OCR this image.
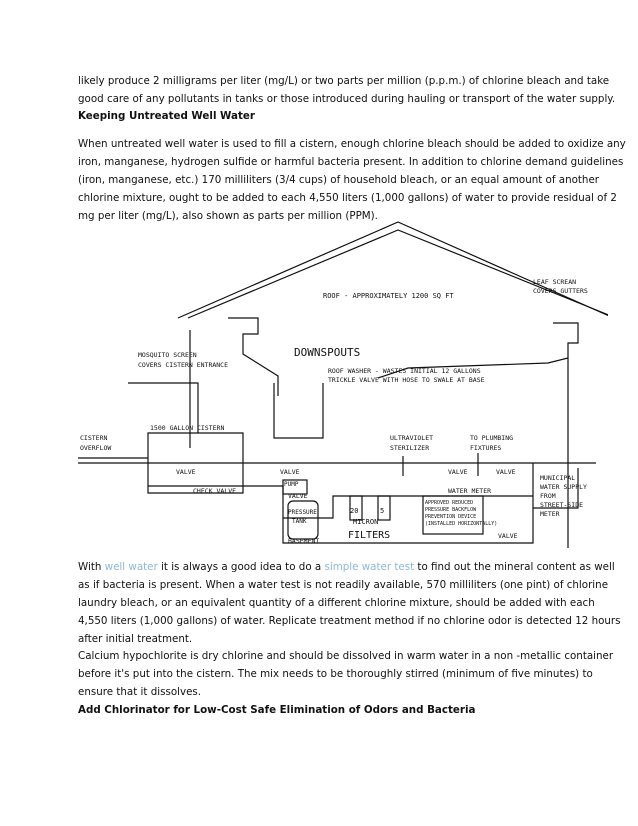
likely produce 2 milligrams per liter (mg/L) or two parts per million (p.p.m.) of chlorine bleach and take
good care of any pollutants in tanks or those introduced during hauling or transport of the water supply.

Keeping Untreated Well Water

When untreated well water is used to fill a cistern, enough chlorine bleach should be added to oxidize any
iron, manganese, hydrogen sulfide or harmful bacteria present. In addition to chlorine demand guidelines
(iron, manganese, etc.) 170 milliliters (3/4 cups) of household bleach, or an equal amount of another
chlorine mixture, ought to be added to each 4,550 liters (1,000 gallons) of water to provide residual of 2
mg per liter (mg/L), also shown as parts per million (PPM).

ROOF - APPROXIMATELY 1200 SQ FT
LEAF SCREAN
COVERS GUTTERS
MOSQUITO SCREEN
COVERS CISTERN ENTRANCE
DOWNSPOUTS
ROOF WASHER - WASTES INITIAL 12 GALLONS
TRICKLE VALVE WITH HOSE TO SWALE AT BASE
1500 GALLON CISTERN
CISTERN
OVERFLOW
ULTRAVIOLET
STERILIZER
TO PLUMBING
FIXTURES
VALVE	VALVE	VALVE	VALVE
VALVE
VALVE
CHECK VALVE
PUMP
PRESSURE
TANK
20	5
MICRON
FILTERS
BASEMENT
WATER METER
APPROVED REDUCED
PRESSURE BACKFLOW
PREVENTION DEVICE
(INSTALLED HORIZONTALLY)
MUNICIPAL
WATER SUPPLY
FROM
STREET-SIDE
METER

With well water it is always a good idea to do a simple water test to find out the mineral content as well
as if bacteria is present. When a water test is not readily available, 570 milliliters (one pint) of chlorine
laundry bleach, or an equivalent quantity of a different chlorine mixture, should be added with each
4,550 liters (1,000 gallons) of water. Replicate treatment method if no chlorine odor is detected 12 hours
after initial treatment.

Calcium hypochlorite is dry chlorine and should be dissolved in warm water in a non -metallic container
before it's put into the cistern. The mix needs to be thoroughly stirred (minimum of five minutes) to
ensure that it dissolves.

Add Chlorinator for Low-Cost Safe Elimination of Odors and Bacteria
